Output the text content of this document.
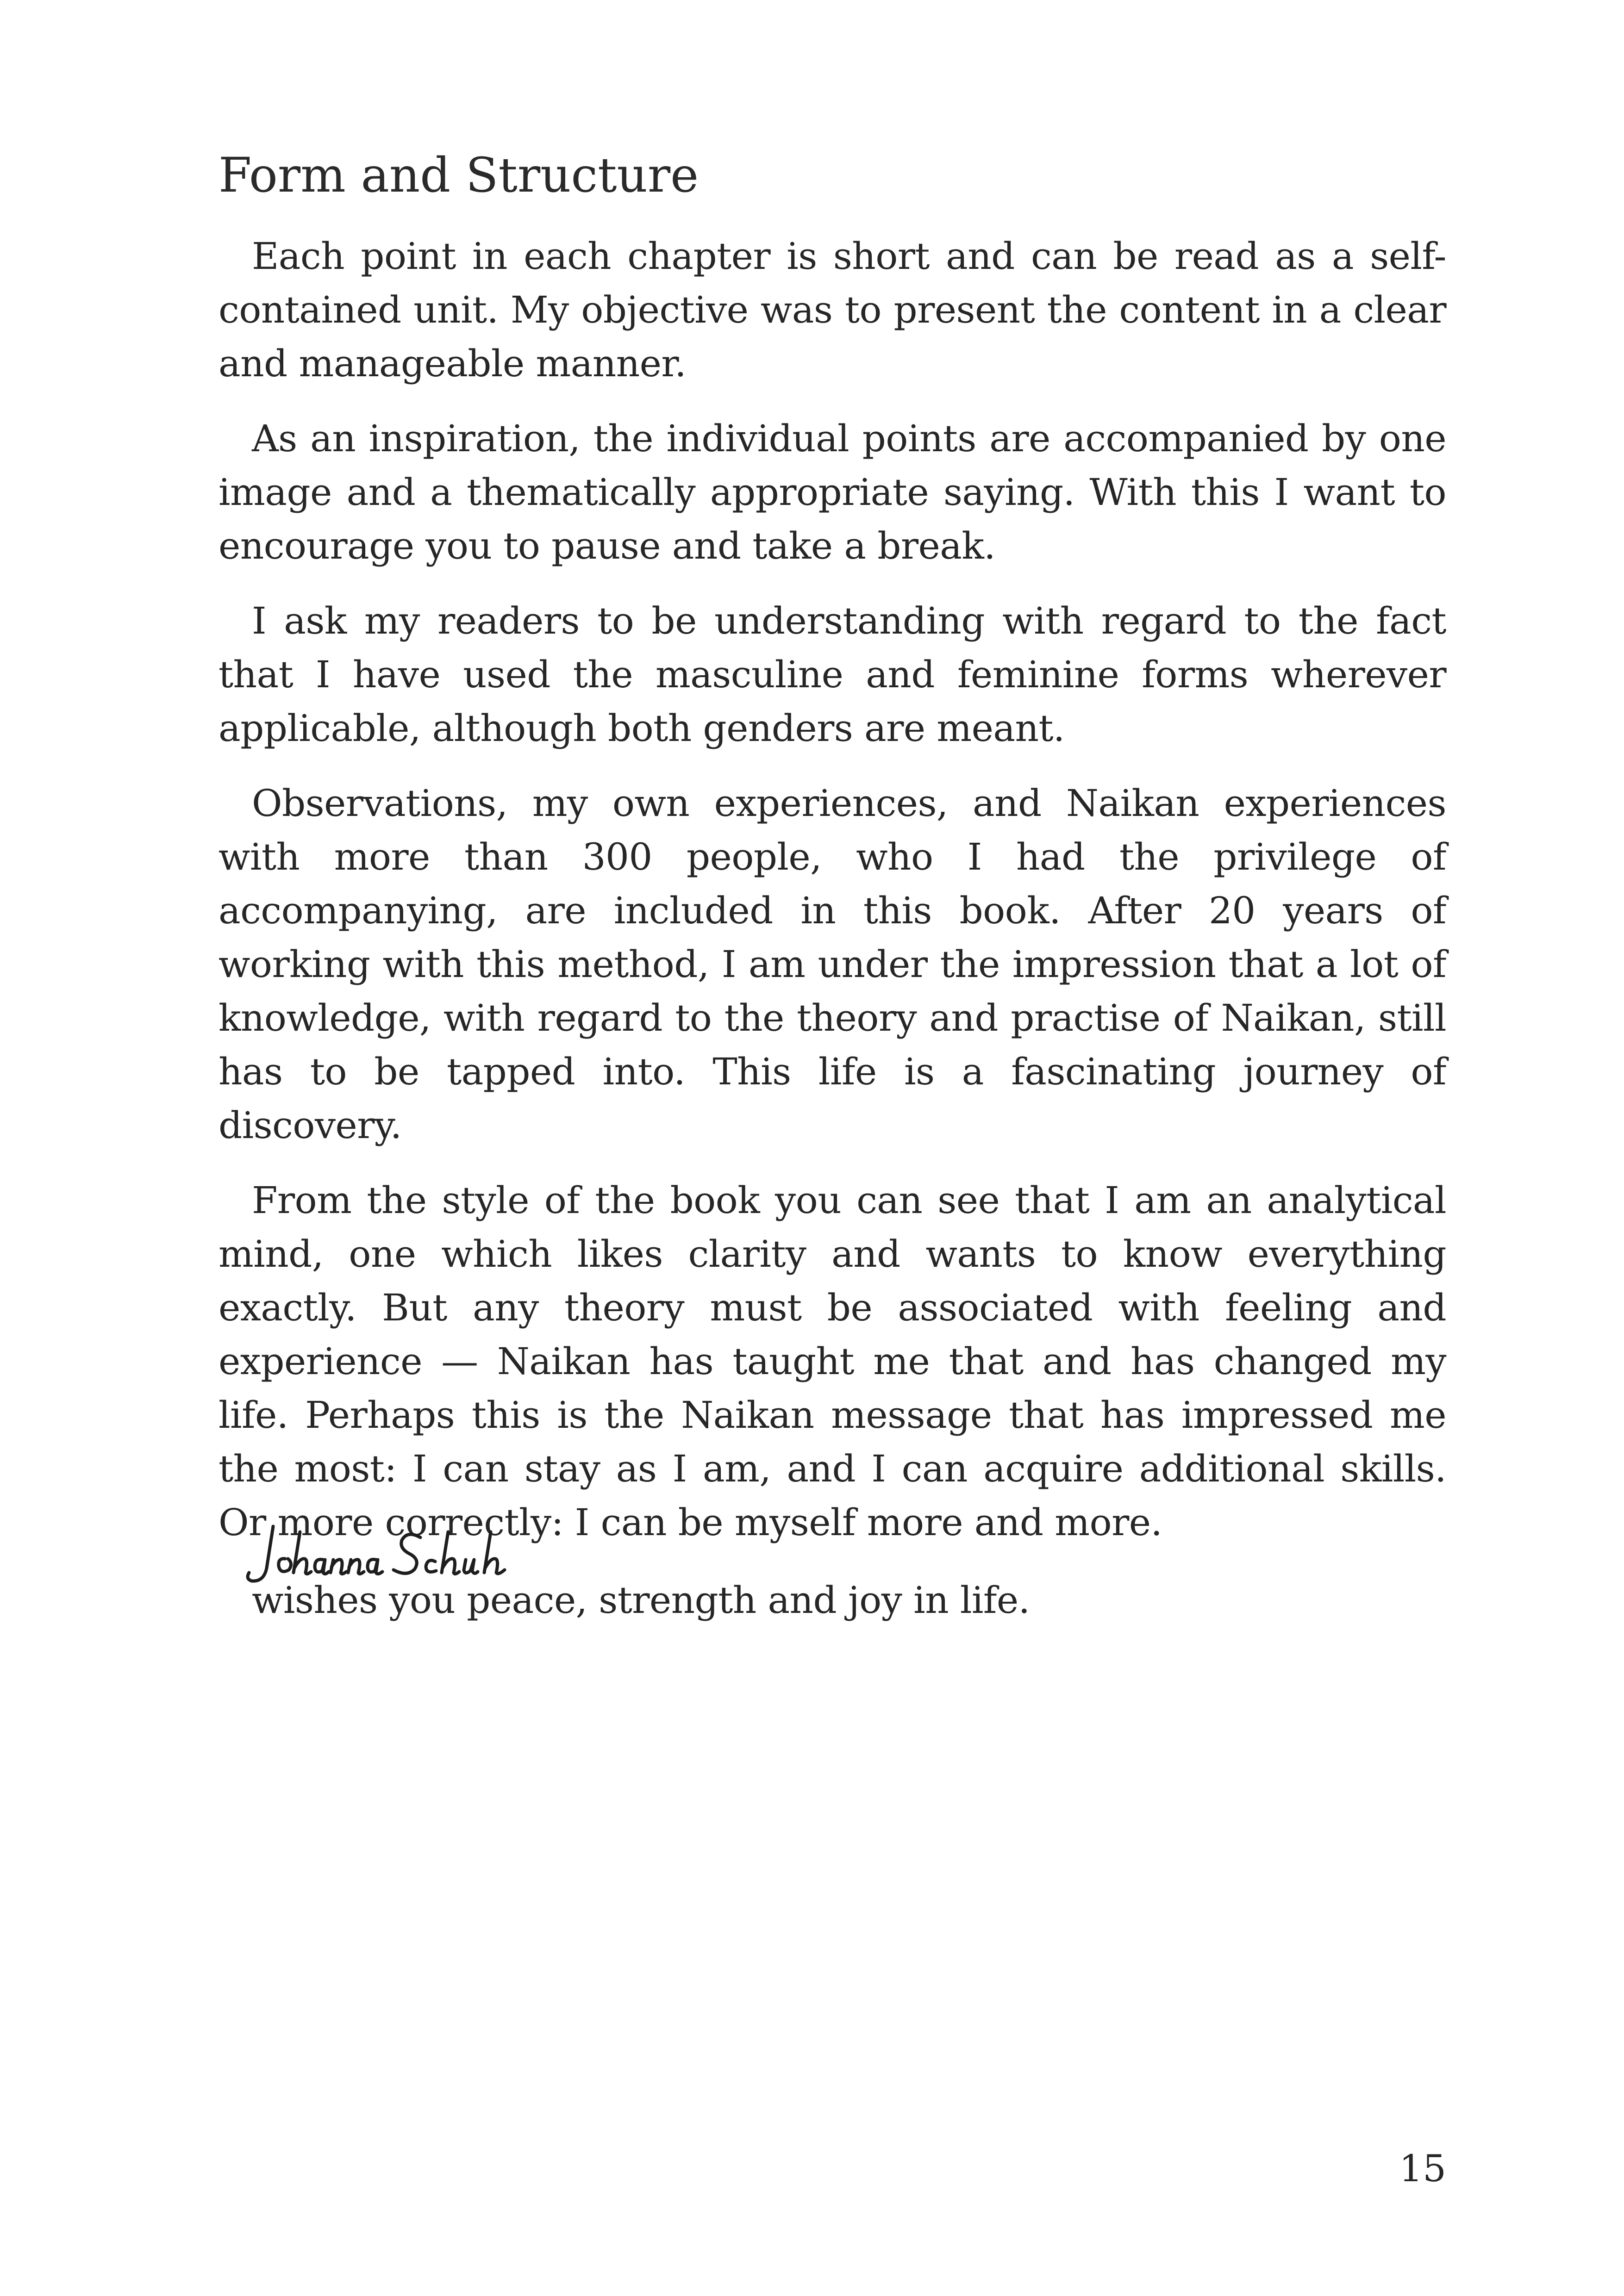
Form and Structure

Each point in each chapter is short and can be read as a self-contained unit. My objective was to present the content in a clear and manageable manner.

As an inspiration, the individual points are accompanied by one image and a thematically appropriate saying. With this I want to encourage you to pause and take a break.

I ask my readers to be understanding with regard to the fact that I have used the masculine and feminine forms wherever applicable, although both genders are meant.

Observations, my own experiences, and Naikan experiences with more than 300 people, who I had the privilege of accompanying, are included in this book. After 20 years of working with this method, I am under the impression that a lot of knowledge, with regard to the theory and practise of Naikan, still has to be tapped into. This life is a fascinating journey of discovery.

From the style of the book you can see that I am an analytical mind, one which likes clarity and wants to know everything exactly. But any theory must be associated with feeling and experience — Naikan has taught me that and has changed my life. Perhaps this is the Naikan message that has impressed me the most: I can stay as I am, and I can acquire additional skills. Or more correctly: I can be myself more and more.

wishes you peace, strength and joy in life.
15
